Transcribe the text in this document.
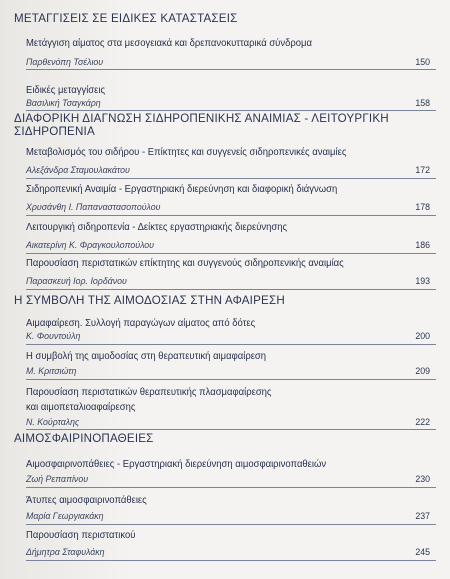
ΜΕΤΑΓΓΙΣΕΙΣ ΣΕ ΕΙΔΙΚΕΣ ΚΑΤΑΣΤΑΣΕΙΣ
Μετάγγιση αίματος στα μεσογειακά και δρεπανοκυτταρικά σύνδρομα
Παρθενόπη Τσέλιου	150
Ειδικές μεταγγίσεις
Βασιλική Τσαγκάρη	158
ΔΙΑΦΟΡΙΚΗ ΔΙΑΓΝΩΣΗ ΣΙΔΗΡΟΠΕΝΙΚΗΣ ΑΝΑΙΜΙΑΣ - ΛΕΙΤΟΥΡΓΙΚΗ ΣΙΔΗΡΟΠΕΝΙΑ
Μεταβολισμός του σιδήρου - Επίκτητες και συγγενείς σιδηροπενικές αναιμίες
Αλεξάνδρα Σταμουλακάτου	172
Σιδηροπενική Αναιμία - Εργαστηριακή διερεύνηση και διαφορική διάγνωση
Χρυσάνθη Ι. Παπαναστασοπούλου	178
Λειτουργική σιδηροπενία - Δείκτες εργαστηριακής διερεύνησης
Αικατερίνη Κ. Φραγκουλοπούλου	186
Παρουσίαση περιστατικών επίκτητης και συγγενούς σιδηροπενικής αναιμίας
Παρασκευή Ιορ. Ιορδάνου	193
Η ΣΥΜΒΟΛΗ ΤΗΣ ΑΙΜΟΔΟΣΙΑΣ ΣΤΗΝ ΑΦΑΙΡΕΣΗ
Αιμαφαίρεση. Συλλογή παραγώγων αίματος από δότες
Κ. Φουντούλη	200
Η συμβολή της αιμοδοσίας στη θεραπευτική αιμαφαίρεση
Μ. Κριτσιώτη	209
Παρουσίαση περιστατικών θεραπευτικής πλασμαφαίρεσης
και αιμοπεταλιοαφαίρεσης
Ν. Κούρταλης	222
ΑΙΜΟΣΦΑΙΡΙΝΟΠΑΘΕΙΕΣ
Αιμοσφαιρινοπάθειες - Εργαστηριακή διερεύνηση αιμοσφαιρινοπαθειών
Ζωή Ρεπαπίνου	230
Άτυπες αιμοσφαιρινοπάθειες
Μαρία Γεωργιακάκη	237
Παρουσίαση περιστατικού
Δήμητρα Σταφυλάκη	245
